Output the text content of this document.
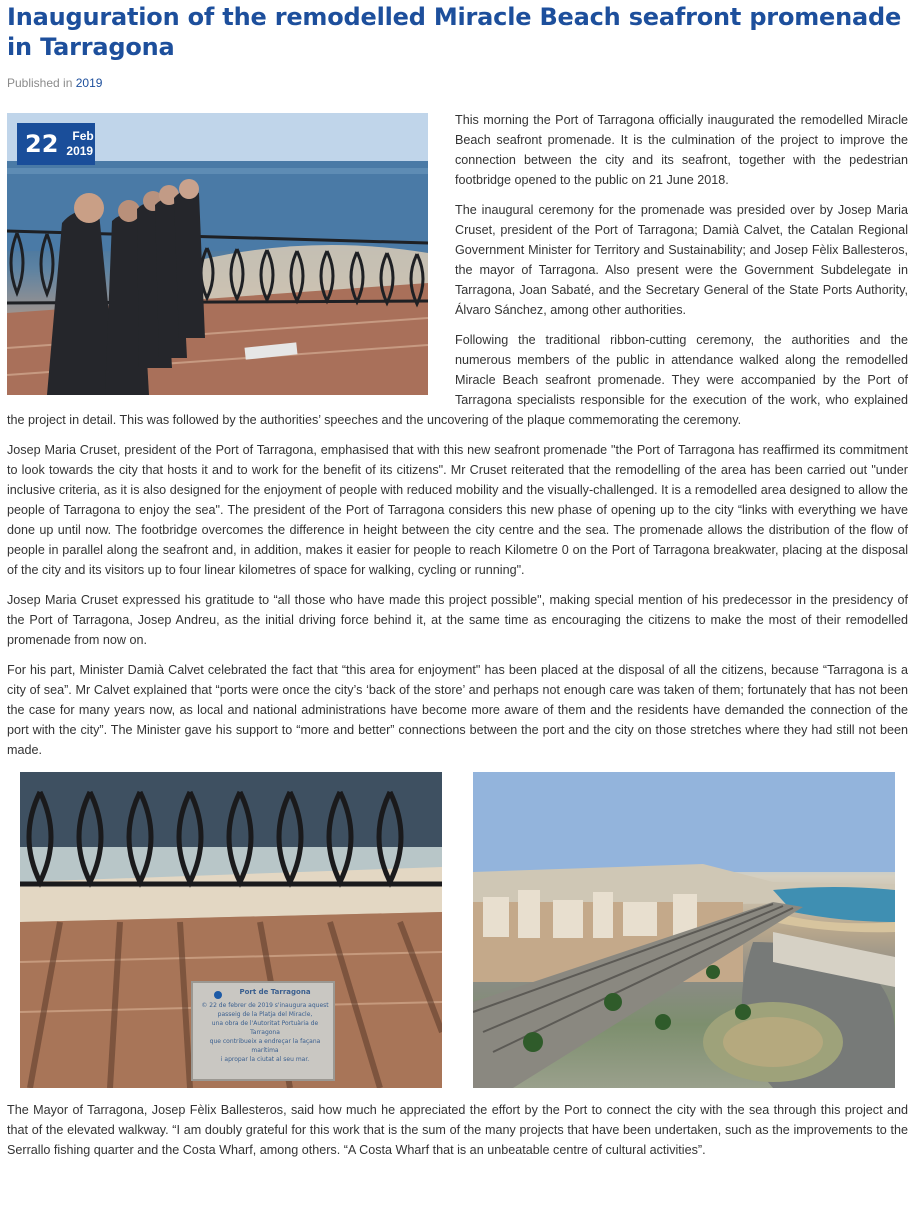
Inauguration of the remodelled Miracle Beach seafront promenade in Tarragona
Published in 2019
22	Feb
2019

This morning the Port of Tarragona officially inaugurated the remodelled Miracle Beach seafront promenade. It is the culmination of the project to improve the connection between the city and its seafront, together with the pedestrian footbridge opened to the public on 21 June 2018.

The inaugural ceremony for the promenade was presided over by Josep Maria Cruset, president of the Port of Tarragona; Damià Calvet, the Catalan Regional Government Minister for Territory and Sustainability; and Josep Fèlix Ballesteros, the mayor of Tarragona. Also present were the Government Subdelegate in Tarragona, Joan Sabaté, and the Secretary General of the State Ports Authority, Álvaro Sánchez, among other authorities.

Following the traditional ribbon-cutting ceremony, the authorities and the numerous members of the public in attendance walked along the remodelled Miracle Beach seafront promenade. They were accompanied by the Port of Tarragona specialists responsible for the execution of the work, who explained the project in detail. This was followed by the authorities’ speeches and the uncovering of the plaque commemorating the ceremony.

Josep Maria Cruset, president of the Port of Tarragona, emphasised that with this new seafront promenade "the Port of Tarragona has reaffirmed its commitment to look towards the city that hosts it and to work for the benefit of its citizens". Mr Cruset reiterated that the remodelling of the area has been carried out "under inclusive criteria, as it is also designed for the enjoyment of people with reduced mobility and the visually-challenged. It is a remodelled area designed to allow the people of Tarragona to enjoy the sea". The president of the Port of Tarragona considers this new phase of opening up to the city “links with everything we have done up until now. The footbridge overcomes the difference in height between the city centre and the sea. The promenade allows the distribution of the flow of people in parallel along the seafront and, in addition, makes it easier for people to reach Kilometre 0 on the Port of Tarragona breakwater, placing at the disposal of the city and its visitors up to four linear kilometres of space for walking, cycling or running".

Josep Maria Cruset expressed his gratitude to “all those who have made this project possible", making special mention of his predecessor in the presidency of the Port of Tarragona, Josep Andreu, as the initial driving force behind it, at the same time as encouraging the citizens to make the most of their remodelled promenade from now on.

For his part, Minister Damià Calvet celebrated the fact that “this area for enjoyment" has been placed at the disposal of all the citizens, because “Tarragona is a city of sea”. Mr Calvet explained that “ports were once the city’s ‘back of the store’ and perhaps not enough care was taken of them; fortunately that has not been the case for many years now, as local and national administrations have become more aware of them and the residents have demanded the connection of the port with the city”. The Minister gave his support to “more and better” connections between the port and the city on those stretches where they had still not been made.

Port de Tarragona
© 22 de febrer de 2019 s'inaugura aquest
passeig de la Platja del Miracle,
una obra de l'Autoritat Portuària de Tarragona
que contribueix a endreçar la façana marítima
i apropar la ciutat al seu mar.

The Mayor of Tarragona, Josep Fèlix Ballesteros, said how much he appreciated the effort by the Port to connect the city with the sea through this project and that of the elevated walkway. “I am doubly grateful for this work that is the sum of the many projects that have been undertaken, such as the improvements to the Serrallo fishing quarter and the Costa Wharf, among others. “A Costa Wharf that is an unbeatable centre of cultural activities”.
